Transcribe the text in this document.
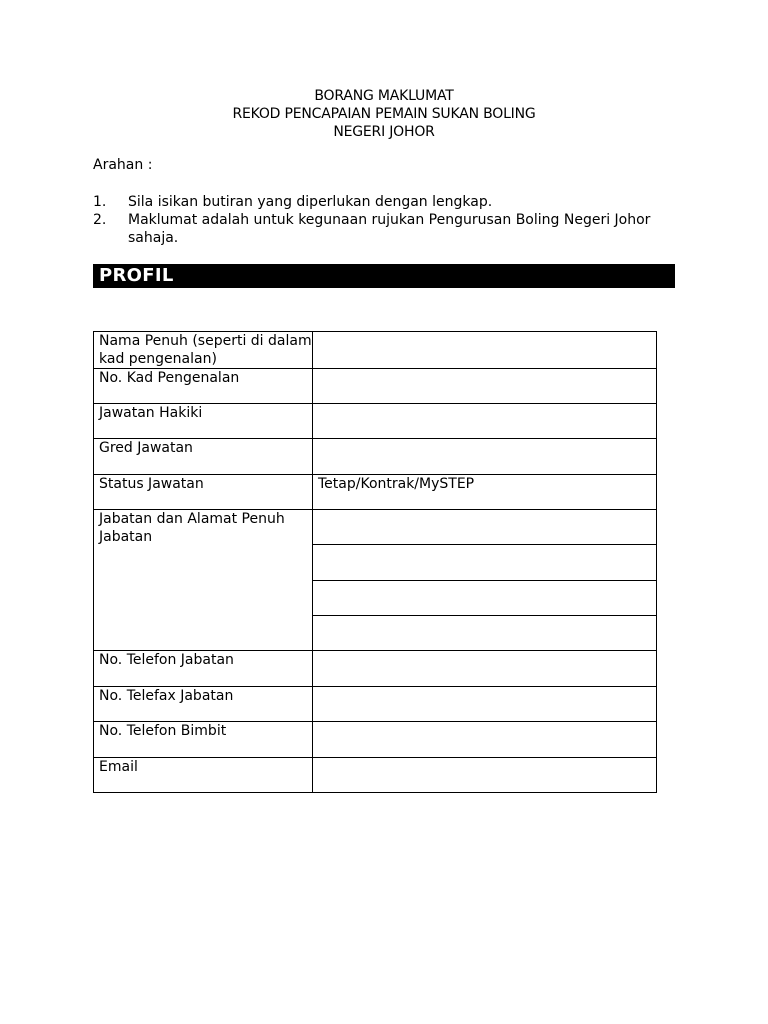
BORANG MAKLUMAT
REKOD PENCAPAIAN PEMAIN SUKAN BOLING
NEGERI JOHOR
Arahan :
1. Sila isikan butiran yang diperlukan dengan lengkap.
2. Maklumat adalah untuk kegunaan rujukan Pengurusan Boling Negeri Johor
sahaja.
PROFIL
Nama Penuh (seperti di dalam kad pengenalan)	
No. Kad Pengenalan	
Jawatan Hakiki	
Gred Jawatan	
Status Jawatan	Tetap/Kontrak/MySTEP
Jabatan dan Alamat Penuh Jabatan	

No. Telefon Jabatan	
No. Telefax Jabatan	
No. Telefon Bimbit	
Email	
